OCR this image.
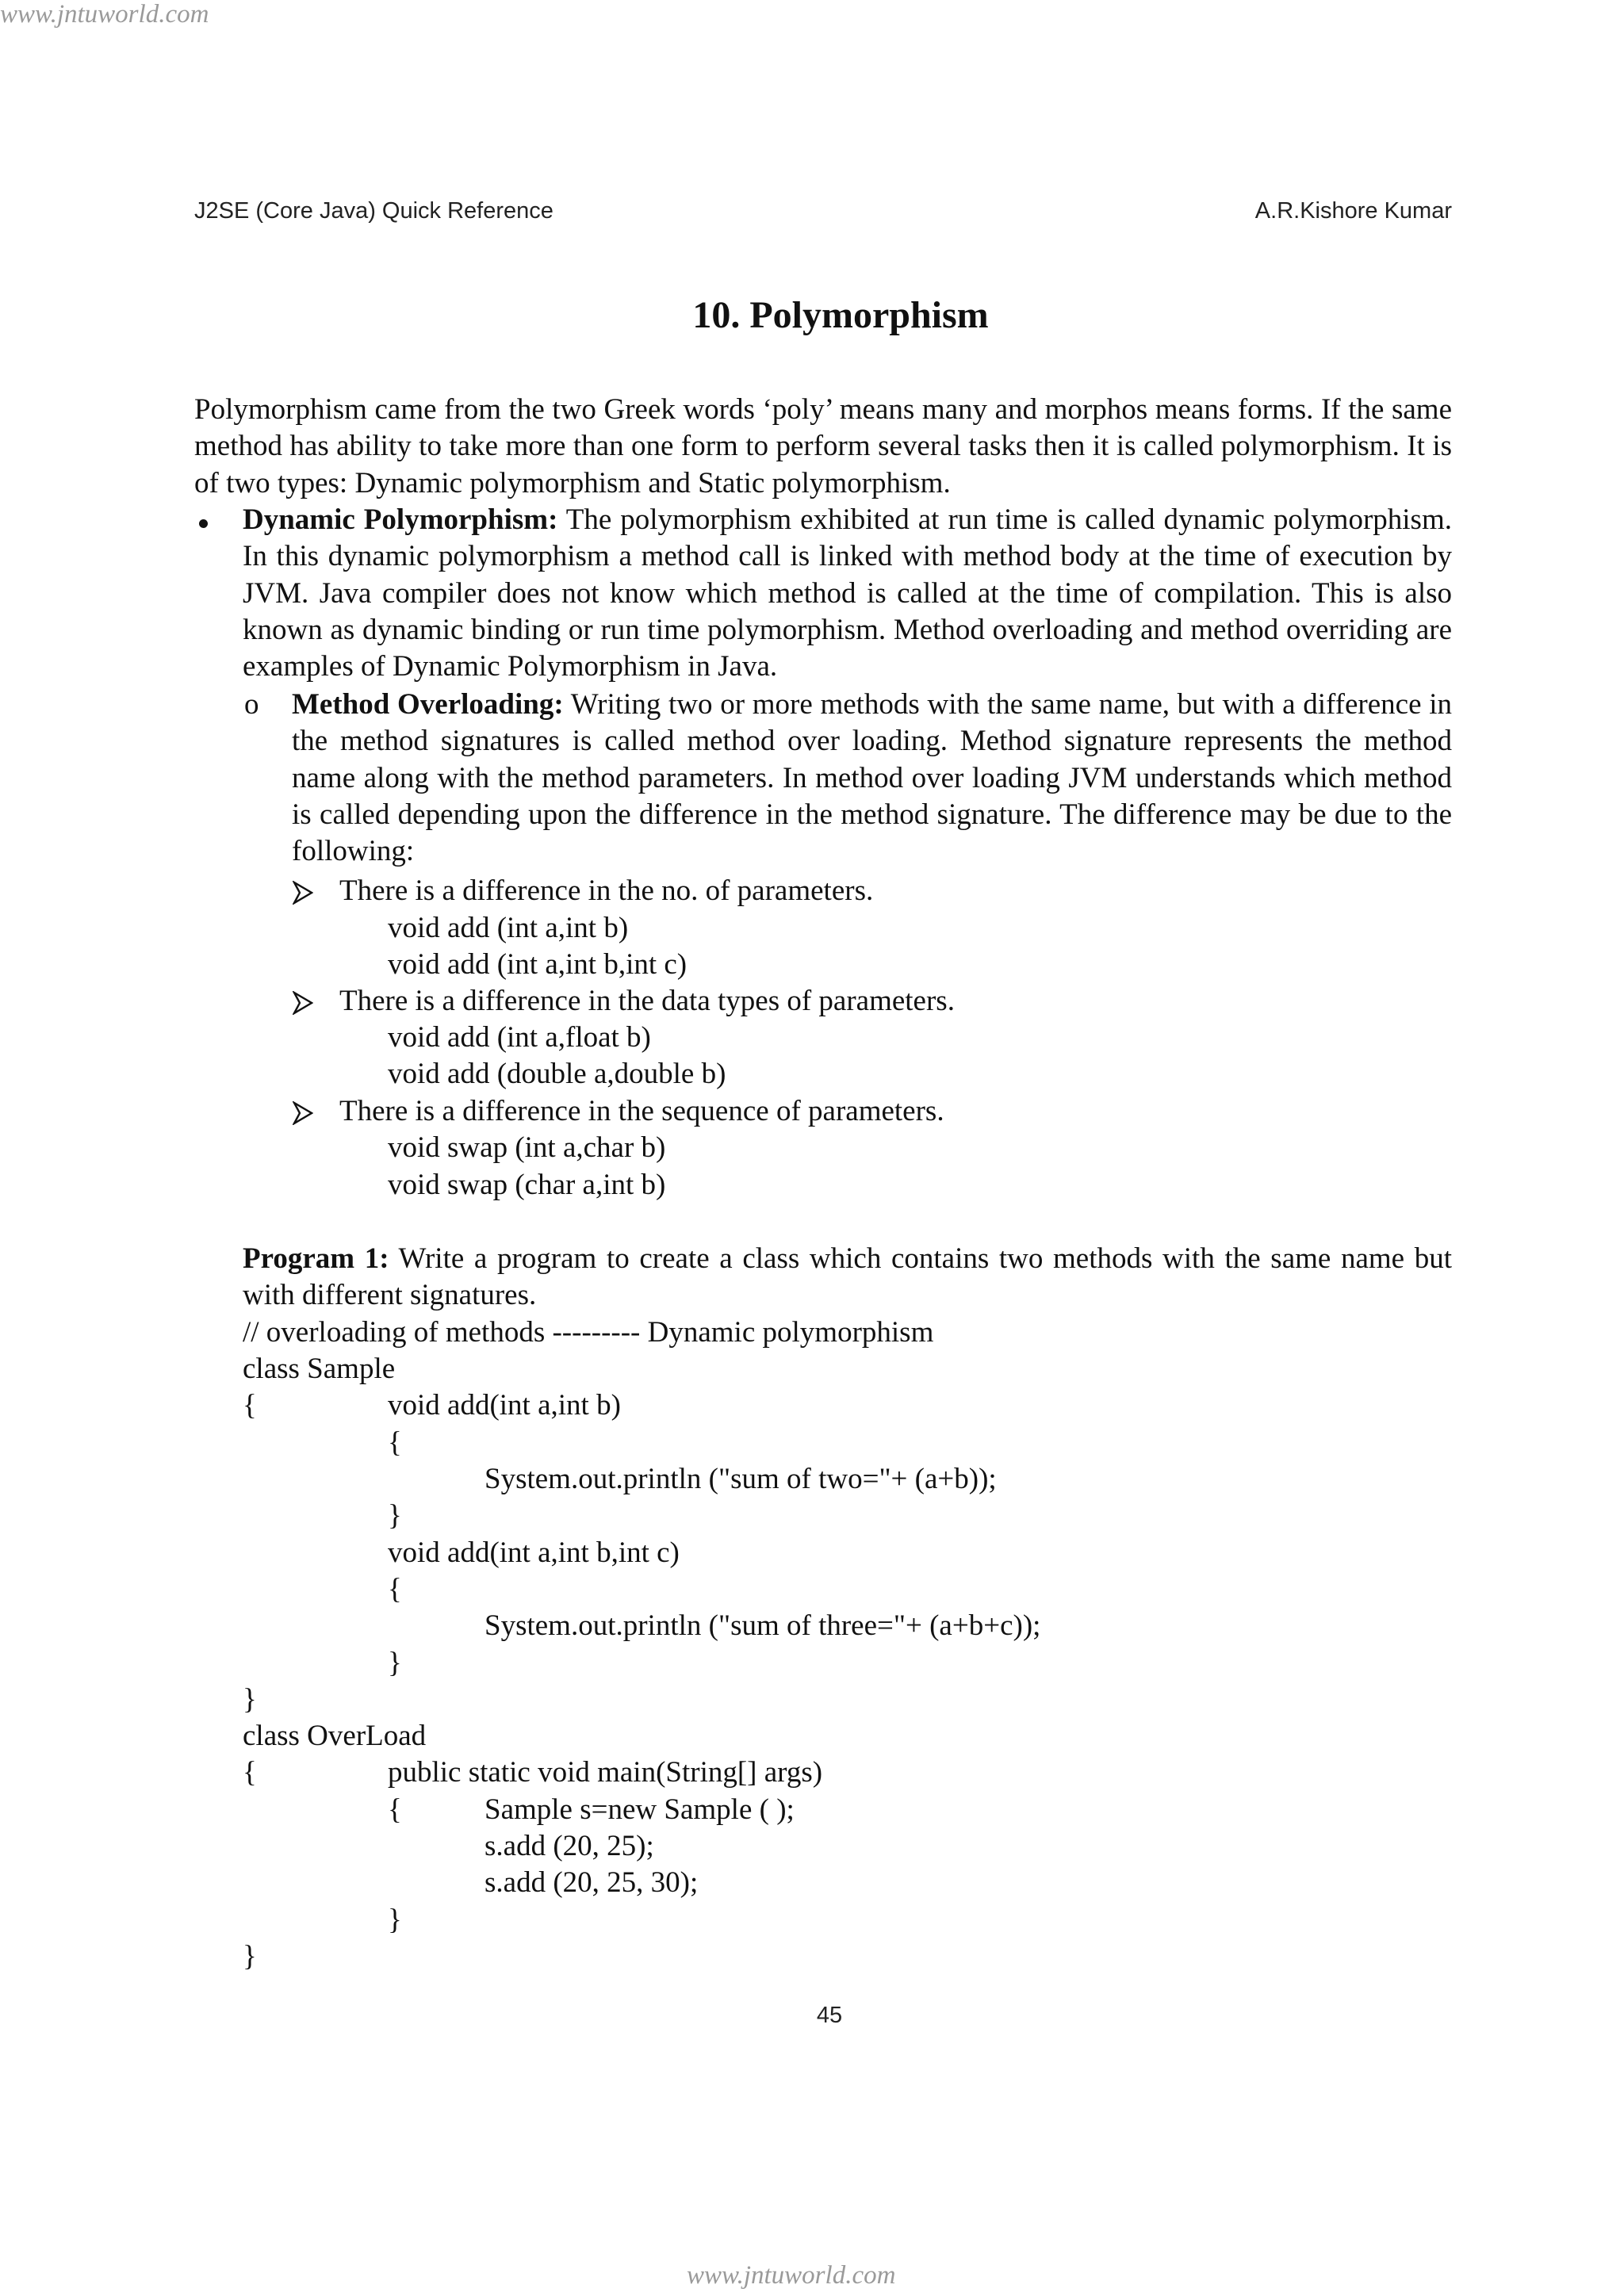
www.jntuworld.com
www.jntuworld.com
J2SE (Core Java) Quick Reference	A.R.Kishore Kumar
10. Polymorphism

Polymorphism came from the two Greek words ‘poly’ means many and morphos means forms. If the same method has ability to take more than one form to perform several tasks then it is called polymorphism. It is of two types: Dynamic polymorphism and Static polymorphism.

Dynamic Polymorphism: The polymorphism exhibited at run time is called dynamic polymorphism. In this dynamic polymorphism a method call is linked with method body at the time of execution by JVM. Java compiler does not know which method is called at the time of compilation. This is also known as dynamic binding or run time polymorphism. Method overloading and method overriding are examples of Dynamic Polymorphism in Java.

o Method Overloading: Writing two or more methods with the same name, but with a difference in the method signatures is called method over loading. Method signature represents the method name along with the method parameters. In method over loading JVM understands which method is called depending upon the difference in the method signature. The difference may be due to the following:

There is a difference in the no. of parameters.
void add (int a,int b)
void add (int a,int b,int c)
There is a difference in the data types of parameters.
void add (int a,float b)
void add (double a,double b)
There is a difference in the sequence of parameters.
void swap (int a,char b)
void swap (char a,int b)

Program 1: Write a program to create a class which contains two methods with the same name but with different signatures.

// overloading of methods --------- Dynamic polymorphism
class Sample
{	void add(int a,int b)
{
System.out.println ("sum of two="+ (a+b));
}
void add(int a,int b,int c)
{
System.out.println ("sum of three="+ (a+b+c));
}
}
class OverLoad
{	public static void main(String[] args)
{	Sample s=new Sample ( );
s.add (20, 25);
s.add (20, 25, 30);
}
}
45
